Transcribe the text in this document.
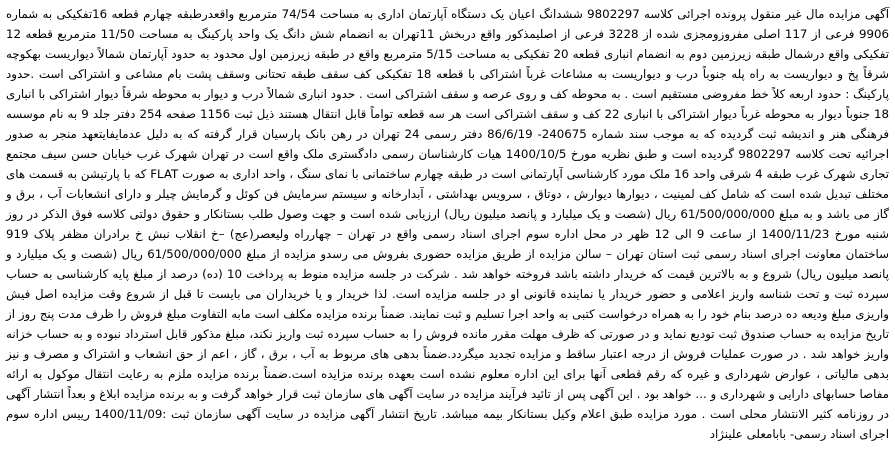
آگهی مزایده مال غیر منقول پرونده اجرائی کلاسه 9802297 ششدانگ اعیان یک دستگاه آپارتمان اداری به مساحت 74/54 مترمربع واقعدرطبقه چهارم قطعه 16تفکیکی به شماره 9906 فرعی از 117 اصلی مفروزومجزی شده از 3228 فرعی از اصلیمذکور واقع دربخش 11تهران به انضمام شش دانگ یک واحد پارکینگ به مساحت 11/50 مترمربع قطعه 12 تفکیکی واقع درشمال طبقه زیرزمین دوم به انضمام انباری قطعه 20 تفکیکی به مساحت 5/15 مترمربع واقع در طبقه زیرزمین اول محدود به حدود آپارتمان شمالاً دیواریست بهکوچه شرقاً پخ و دیواریست به راه پله جنوباً درب و دیواریست به مشاعات غرباً اشتراکی با قطعه 18 تفکیکی کف سقف طبقه تحتانی وسقف پشت بام مشاعی و اشتراکی است .حدود پارکینگ : حدود اربعه کلاً خط مفروضی مستقیم است . به محوطه کف و روی عرصه و سقف اشتراکی است . حدود انباری شمالاً درب و دیوار به محوطه شرقاً دیوار اشتراکی با انباری 18 جنوباً دیوار به محوطه غرباً دیوار اشتراکی با انباری 22 کف و سقف اشتراکی است هر سه قطعه تواماً قابل انتقال هستند ذیل ثبت 1156 صفحه 254 دفتر جلد 9 به نام موسسه فرهنگی هنر و اندیشه ثبت گردیده که به موجب سند شماره 240675- 86/6/19 دفتر رسمی 24 تهران در رهن بانک پارسیان قرار گرفته که به دلیل عدمایفایتعهد منجر به صدور اجرائیه تحت کلاسه 9802297 گردیده است و طبق نظریه مورخ 1400/10/5 هیات کارشناسان رسمی دادگستری ملک واقع است در تهران شهرک غرب خیابان حسن سیف مجتمع تجاری شهرک غرب طبقه 4 شرقی واحد 16 ملک مورد کارشناسی آپارتمانی است در طبقه چهارم ساختمانی با نمای سنگ ، واحد اداری به صورت FLAT که با پارتیشن به قسمت های مختلف تبدیل شده است که شامل کف لمینیت ، دیوارها دیوارش ، دوتاق ، سرویس بهداشتی ، آبدارخانه و سیستم سرمایش فن کوئل و گرمایش چیلر و دارای انشعابات آب ، برق و گاز می باشد و به مبلغ 61/500/000/000 ریال (شصت و یک میلیارد و پانصد میلیون ریال) ارزیابی شده است و جهت وصول طلب بستانکار و حقوق دولتی کلاسه فوق الذکر در روز شنبه مورخ 1400/11/23 از ساعت 9 الی 12 ظهر در محل اداره سوم اجرای اسناد رسمی واقع در تهران – چهارراه ولیعصر(عج) –خ انقلاب نبش خ برادران مظفر پلاک 919 ساختمان معاونت اجرای اسناد رسمی ثبت استان تهران – سالن مزایده از طریق مزایده حضوری بفروش می رسدو مزایده از مبلغ 61/500/000/000 ریال (شصت و یک میلیارد و پانصد میلیون ریال) شروع و به بالاترین قیمت که خریدار داشته باشد فروخته خواهد شد . شرکت در جلسه مزایده منوط به پرداخت 10 (ده) درصد از مبلغ پایه کارشناسی به حساب سپرده ثبت و تحت شناسه واریز اعلامی و حضور خریدار یا نماینده قانونی او در جلسه مزایده است. لذا خریدار و یا خریداران می بایست تا قبل از شروع وقت مزایده اصل فیش واریزی مبلغ ودیعه ده درصد بنام خود را به همراه درخواست کتبی به واحد اجرا تسلیم و ثبت نمایند. ضمناً برنده مزایده مکلف است مابه التفاوت مبلغ فروش را ظرف مدت پنج روز از تاریخ مزایده به حساب صندوق ثبت تودیع نماید و در صورتی که ظرف مهلت مقرر مانده فروش را به حساب سپرده ثبت واریز نکند، مبلغ مذکور قابل استرداد نبوده و به حساب خزانه واریز خواهد شد . در صورت عملیات فروش از درجه اعتبار ساقط و مزایده تجدید میگردد.ضمناً بدهی های مربوط به آب ، برق ، گاز ، اعم از حق انشعاب و اشتراک و مصرف و نیز بدهی مالیاتی ، عوارض شهرداری و غیره که رقم قطعی آنها برای این اداره معلوم نشده است بعهده برنده مزایده است.ضمناً برنده مزایده ملزم به رعایت انتقال موکول به ارائه مفاصا حسابهای دارایی و شهرداری و ... خواهد بود . این آگهی پس از تائید فرآیند مزایده در سایت آگهی های سازمان ثبت قرار خواهد گرفت و به برنده مزایده ابلاغ و بعداً انتشار آگهی در روزنامه کثیر الانتشار محلی است . مورد مزایده طبق اعلام وکیل بستانکار بیمه میباشد. تاریخ انتشار آگهی مزایده در سایت آگهی سازمان ثبت :1400/11/09 رییس اداره سوم اجرای اسناد رسمی- بابامعلی علینژاد
